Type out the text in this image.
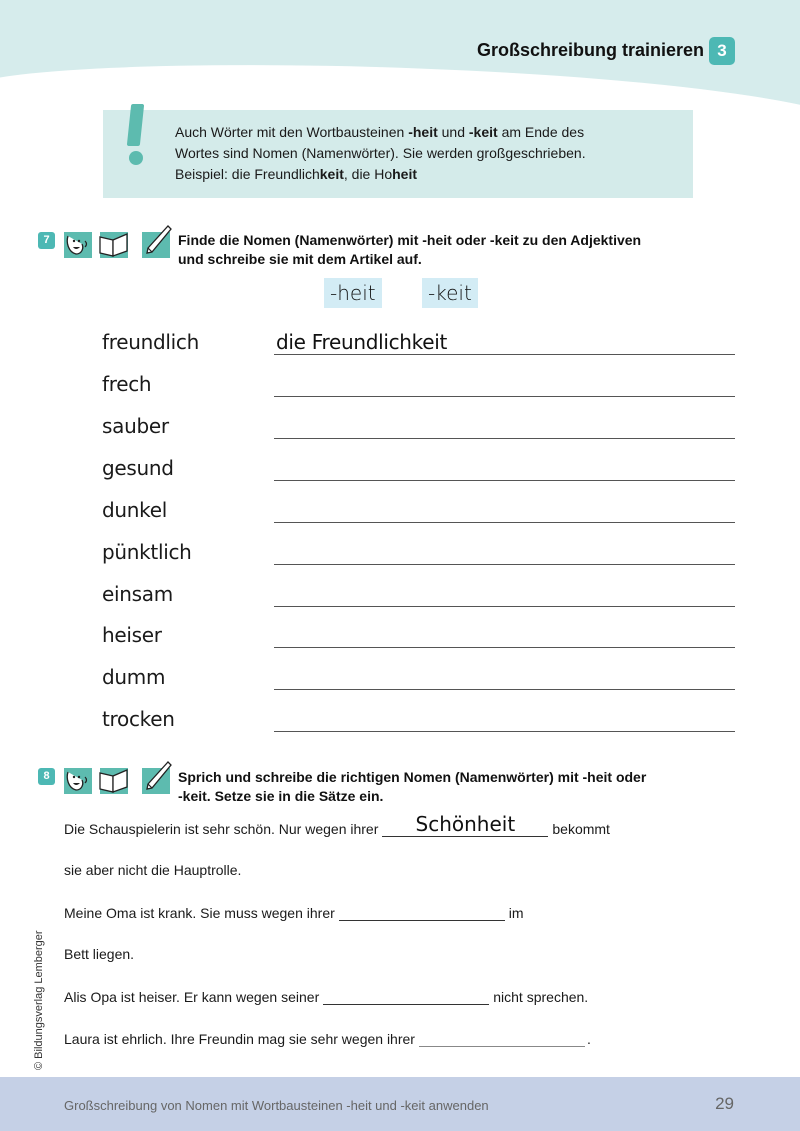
Großschreibung trainieren 3
Auch Wörter mit den Wortbausteinen -heit und -keit am Ende des
Wortes sind Nomen (Namenwörter). Sie werden großgeschrieben.
Beispiel: die Freundlichkeit, die Hoheit
7	Finde die Nomen (Namenwörter) mit -heit oder -keit zu den Adjektiven
und schreibe sie mit dem Artikel auf.
-heit	-keit
freundlich	die Freundlichkeit
frech
sauber
gesund
dunkel
pünktlich
einsam
heiser
dumm
trocken
8	Sprich und schreibe die richtigen Nomen (Namenwörter) mit -heit oder
-keit. Setze sie in die Sätze ein.
Die Schauspielerin ist sehr schön. Nur wegen ihrer	Schönheit	bekommt
sie aber nicht die Hauptrolle.
Meine Oma ist krank. Sie muss wegen ihrer	im
Bett liegen.
Alis Opa ist heiser. Er kann wegen seiner	nicht sprechen.
Laura ist ehrlich. Ihre Freundin mag sie sehr wegen ihrer	.
© Bildungsverlag Lemberger
Großschreibung von Nomen mit Wortbausteinen -heit und -keit anwenden	29
